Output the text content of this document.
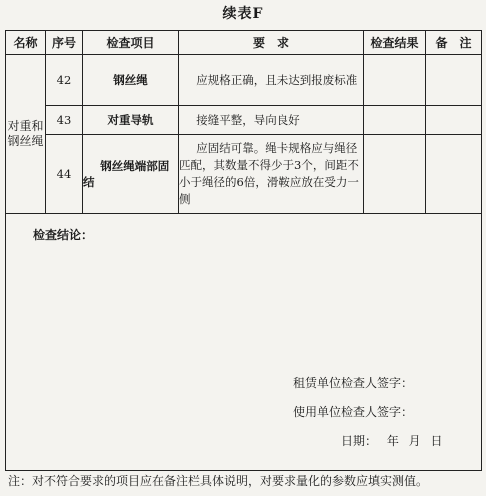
续表F
名称	序号	检查项目	要　求	检查结果	备　注
对重和钢丝绳	42	钢丝绳	应规格正确，且未达到报废标准		

	43	对重导轨	接缝平整，导向良好		

	44	钢丝绳端部固结	应固结可靠。绳卡规格应与绳径匹配，其数量不得少于3个，间距不小于绳径的6倍，滑鞍应放在受力一侧		

检查结论：
租赁单位检查人签字：
使用单位检查人签字：
日期： 年 月 日					
注：对不符合要求的项目应在备注栏具体说明，对要求量化的参数应填实测值。
